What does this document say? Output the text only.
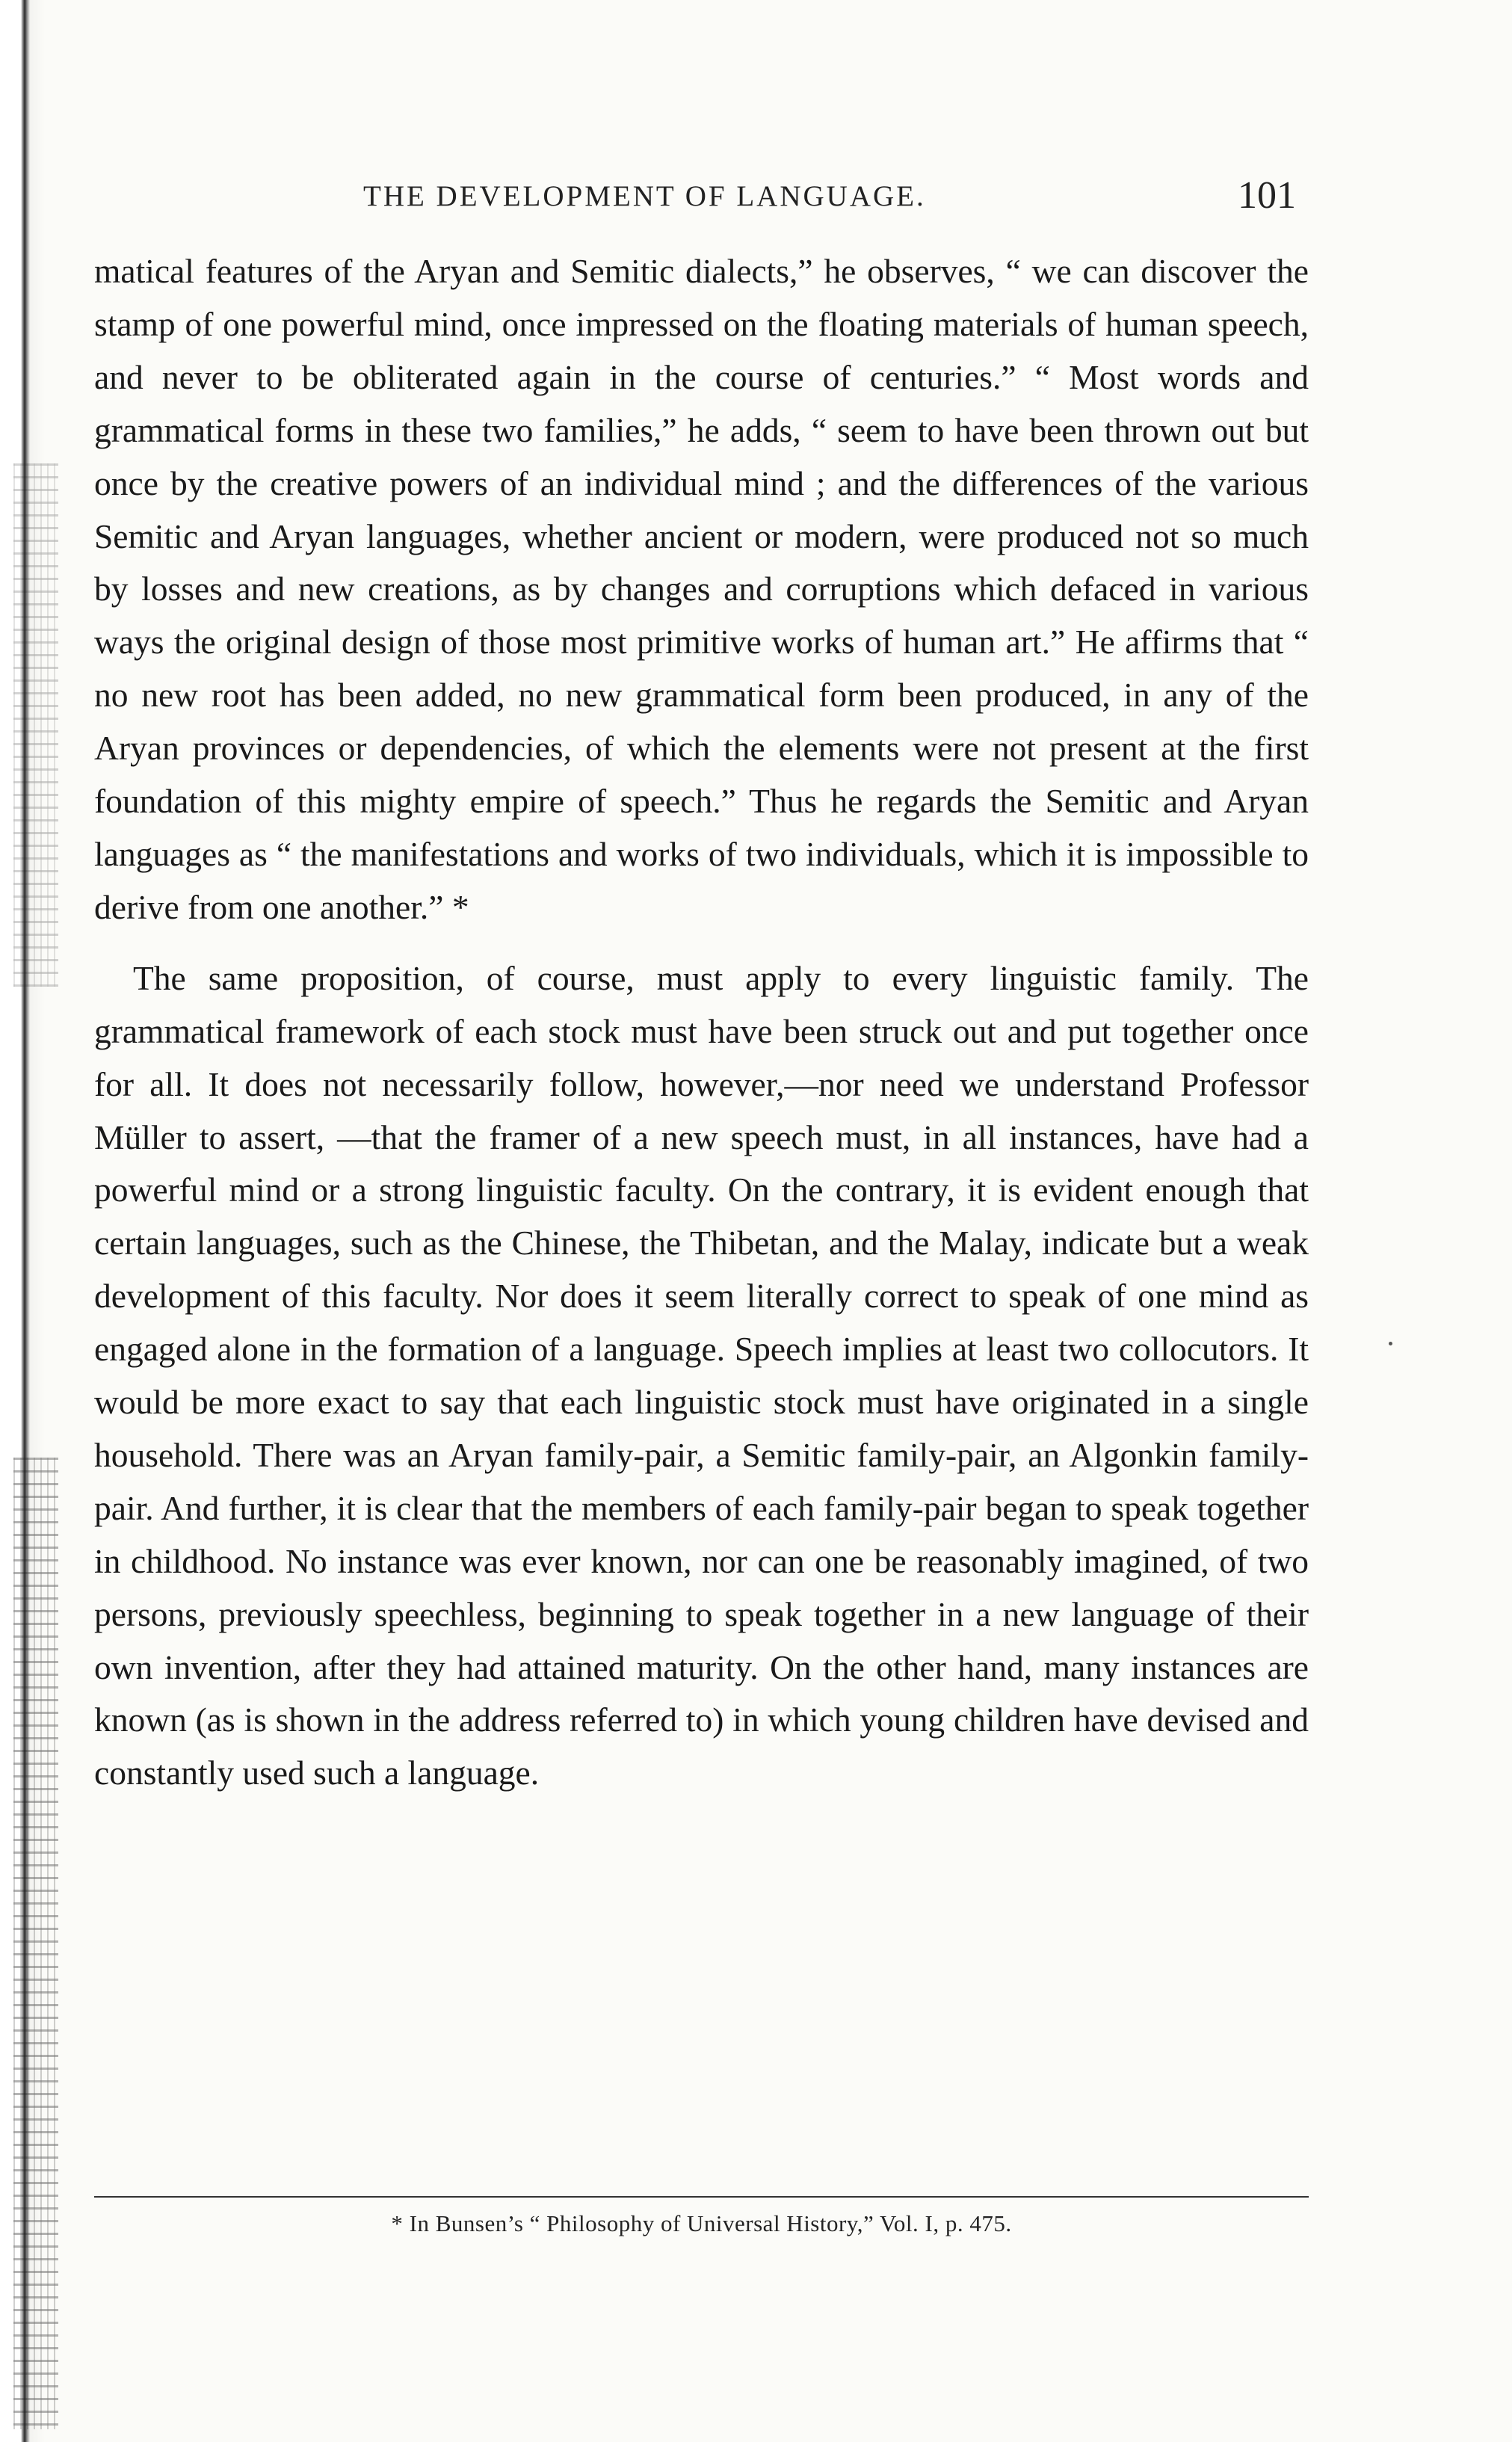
THE DEVELOPMENT OF LANGUAGE.	101

matical features of the Aryan and Semitic dialects,” he observes, “ we can discover the stamp of one powerful mind, once impressed on the floating materials of human speech, and never to be obliterated again in the course of centuries.” “ Most words and grammatical forms in these two families,” he adds, “ seem to have been thrown out but once by the creative powers of an individual mind ; and the differences of the various Semitic and Aryan languages, whether ancient or modern, were produced not so much by losses and new creations, as by changes and corruptions which defaced in various ways the original design of those most primitive works of human art.” He affirms that “ no new root has been added, no new grammatical form been produced, in any of the Aryan provinces or dependencies, of which the elements were not present at the first foundation of this mighty empire of speech.” Thus he regards the Semitic and Aryan languages as “ the manifestations and works of two individuals, which it is impossible to derive from one another.” *

The same proposition, of course, must apply to every linguistic family. The grammatical framework of each stock must have been struck out and put together once for all. It does not necessarily follow, however,—nor need we understand Professor Müller to assert, —that the framer of a new speech must, in all instances, have had a powerful mind or a strong linguistic faculty. On the contrary, it is evident enough that certain languages, such as the Chinese, the Thibetan, and the Malay, indicate but a weak development of this faculty. Nor does it seem literally correct to speak of one mind as engaged alone in the formation of a language. Speech implies at least two collocutors. It would be more exact to say that each linguistic stock must have originated in a single household. There was an Aryan family-pair, a Semitic family-pair, an Algonkin family-pair. And further, it is clear that the members of each family-pair began to speak together in childhood. No instance was ever known, nor can one be reasonably imagined, of two persons, previously speechless, beginning to speak together in a new language of their own invention, after they had attained maturity. On the other hand, many instances are known (as is shown in the address referred to) in which young children have devised and constantly used such a language.

* In Bunsen’s “ Philosophy of Universal History,” Vol. I, p. 475.
